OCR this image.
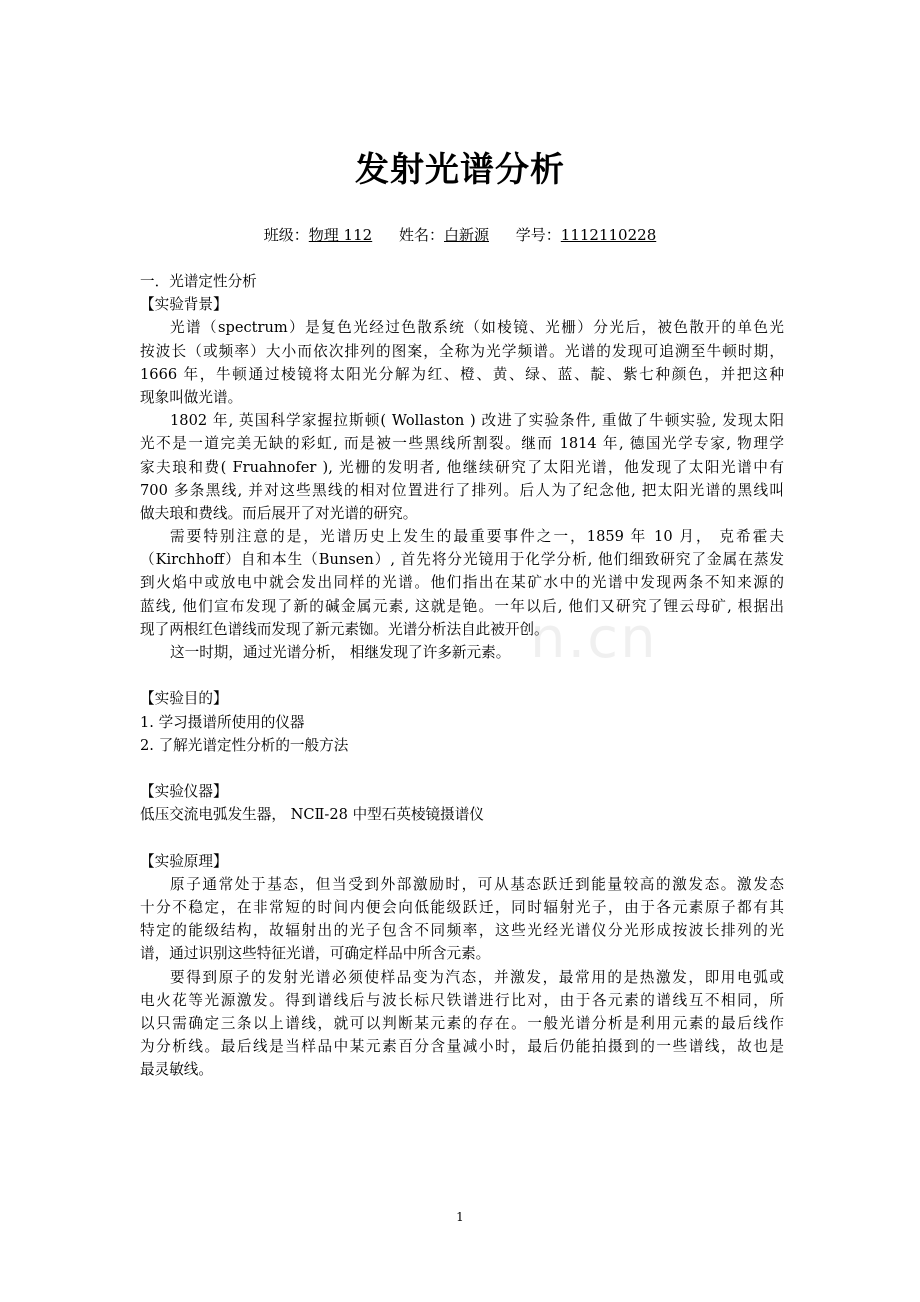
发射光谱分析
班级：物理 112 姓名：白新源 学号：1112110228
一．光谱定性分析
【实验背景】
光谱（spectrum）是复色光经过色散系统（如棱镜、光栅）分光后，被色散开的单色光
按波长（或频率）大小而依次排列的图案，全称为光学频谱。光谱的发现可追溯至牛顿时期，
1666 年，牛顿通过棱镜将太阳光分解为红、橙、黄、绿、蓝、靛、紫七种颜色，并把这种
现象叫做光谱。
1802 年, 英国科学家握拉斯顿( Wollaston ) 改进了实验条件, 重做了牛顿实验, 发现太阳
光不是一道完美无缺的彩虹, 而是被一些黑线所割裂。继而 1814 年, 德国光学专家, 物理学
家夫琅和费( Fruahnofer ), 光栅的发明者, 他继续研究了太阳光谱，他发现了太阳光谱中有
700 多条黑线, 并对这些黑线的相对位置进行了排列。后人为了纪念他, 把太阳光谱的黑线叫
做夫琅和费线。而后展开了对光谱的研究。
需要特别注意的是，光谱历史上发生的最重要事件之一，1859 年 10 月， 克希霍夫
（Kirchhoff）自和本生（Bunsen）, 首先将分光镜用于化学分析, 他们细致研究了金属在蒸发
到火焰中或放电中就会发出同样的光谱。他们指出在某矿水中的光谱中发现两条不知来源的
蓝线, 他们宣布发现了新的碱金属元素, 这就是铯。一年以后, 他们又研究了锂云母矿, 根据出
现了两根红色谱线而发现了新元素铷。光谱分析法自此被开创。
这一时期，通过光谱分析， 相继发现了许多新元素。
【实验目的】
1. 学习摄谱所使用的仪器
2. 了解光谱定性分析的一般方法
【实验仪器】
低压交流电弧发生器， NCⅡ-28 中型石英棱镜摄谱仪
【实验原理】
原子通常处于基态，但当受到外部激励时，可从基态跃迁到能量较高的激发态。激发态
十分不稳定，在非常短的时间内便会向低能级跃迁，同时辐射光子，由于各元素原子都有其
特定的能级结构，故辐射出的光子包含不同频率，这些光经光谱仪分光形成按波长排列的光
谱，通过识别这些特征光谱，可确定样品中所含元素。
要得到原子的发射光谱必须使样品变为汽态，并激发，最常用的是热激发，即用电弧或
电火花等光源激发。得到谱线后与波长标尺铁谱进行比对，由于各元素的谱线互不相同，所
以只需确定三条以上谱线，就可以判断某元素的存在。一般光谱分析是利用元素的最后线作
为分析线。最后线是当样品中某元素百分含量减小时，最后仍能拍摄到的一些谱线，故也是
最灵敏线。
n.cn
1
